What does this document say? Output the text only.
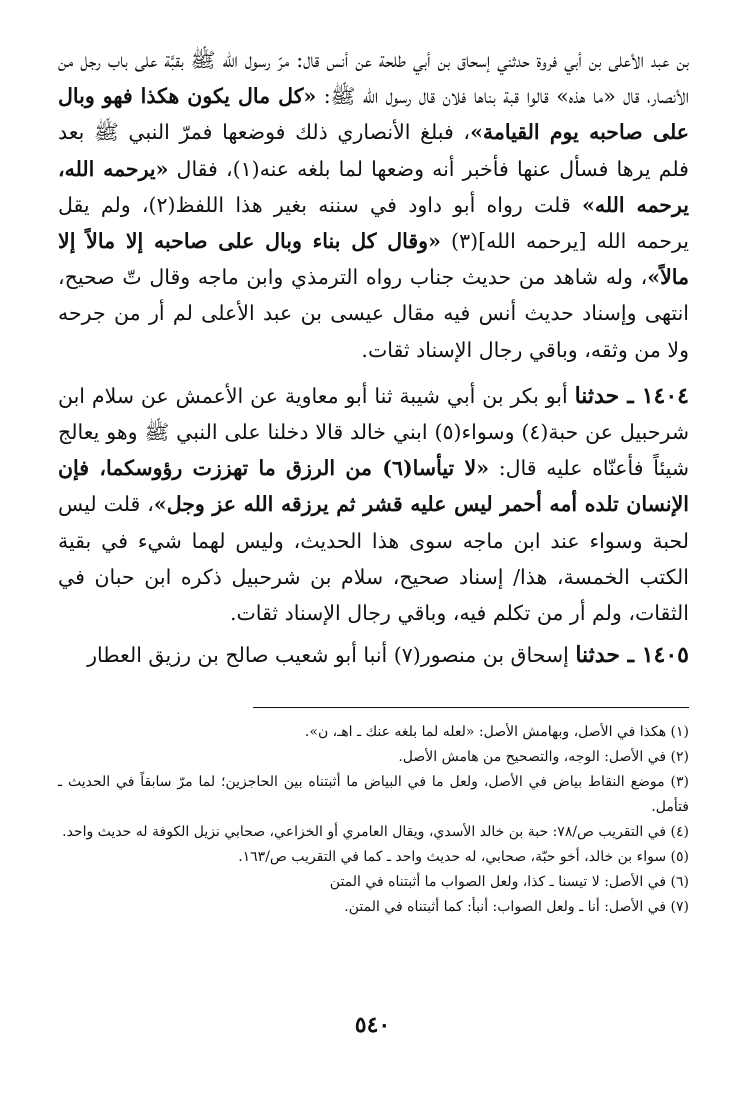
بن عبد الأعلى بن أبي فروة حدثني إسحاق بن أبي طلحة عن أنس قال: مرّ رسول الله ﷺ بقبَّة على باب رجل من الأنصار، قال «ما هذه» قالوا قبة بناها فلان قال رسول الله ﷺ: «كل مال يكون هكذا فهو وبال على صاحبه يوم القيامة»، فبلغ الأنصاري ذلك فوضعها فمرّ النبي ﷺ بعد فلم يرها فسأل عنها فأخبر أنه وضعها لما بلغه عنه(١)، فقال «يرحمه الله، يرحمه الله» قلت رواه أبو داود في سننه بغير هذا اللفظ(٢)، ولم يقل يرحمه الله [يرحمه الله](٣) «وقال كل بناء وبال على صاحبه إلا مالاً إلا مالاً»، وله شاهد من حديث جناب رواه الترمذي وابن ماجه وقال تّ صحيح، انتهى وإسناد حديث أنس فيه مقال عيسى بن عبد الأعلى لم أر من جرحه ولا من وثقه، وباقي رجال الإسناد ثقات.

١٤٠٤ ـ حدثنا أبو بكر بن أبي شيبة ثنا أبو معاوية عن الأعمش عن سلام ابن شرحبيل عن حبة(٤) وسواء(٥) ابني خالد قالا دخلنا على النبي ﷺ وهو يعالج شيئاً فأعنّاه عليه قال: «لا تيأسا(٦) من الرزق ما تهززت رؤوسكما، فإن الإنسان تلده أمه أحمر ليس عليه قشر ثم يرزقه الله عز وجل»، قلت ليس لحبة وسواء عند ابن ماجه سوى هذا الحديث، وليس لهما شيء في بقية الكتب الخمسة، هذا/ إسناد صحيح، سلام بن شرحبيل ذكره ابن حبان في الثقات، ولم أر من تكلم فيه، وباقي رجال الإسناد ثقات.

١٤٠٥ ـ حدثنا إسحاق بن منصور(٧) أنبا أبو شعيب صالح بن رزيق العطار

(١) هكذا في الأصل، وبهامش الأصل: «لعله لما بلغه عنك ـ اهـ، ن».

(٢) في الأصل: الوجه، والتصحيح من هامش الأصل.

(٣) موضع النقاط بياض في الأصل، ولعل ما في البياض ما أثبتناه بين الحاجزين؛ لما مرّ سابقاً في الحديث ـ فتأمل.

(٤) في التقريب ص/٧٨: حبة بن خالد الأسدي، ويقال العامري أو الخزاعي، صحابي نزيل الكوفة له حديث واحد.

(٥) سواء بن خالد، أخو حبّة، صحابي، له حديث واحد ـ كما في التقريب ص/١٦٣.

(٦) في الأصل: لا تيسنا ـ كذا، ولعل الصواب ما أثبتناه في المتن

(٧) في الأصل: أنا ـ ولعل الصواب: أنبأ: كما أثبتناه في المتن.

٥٤٠
